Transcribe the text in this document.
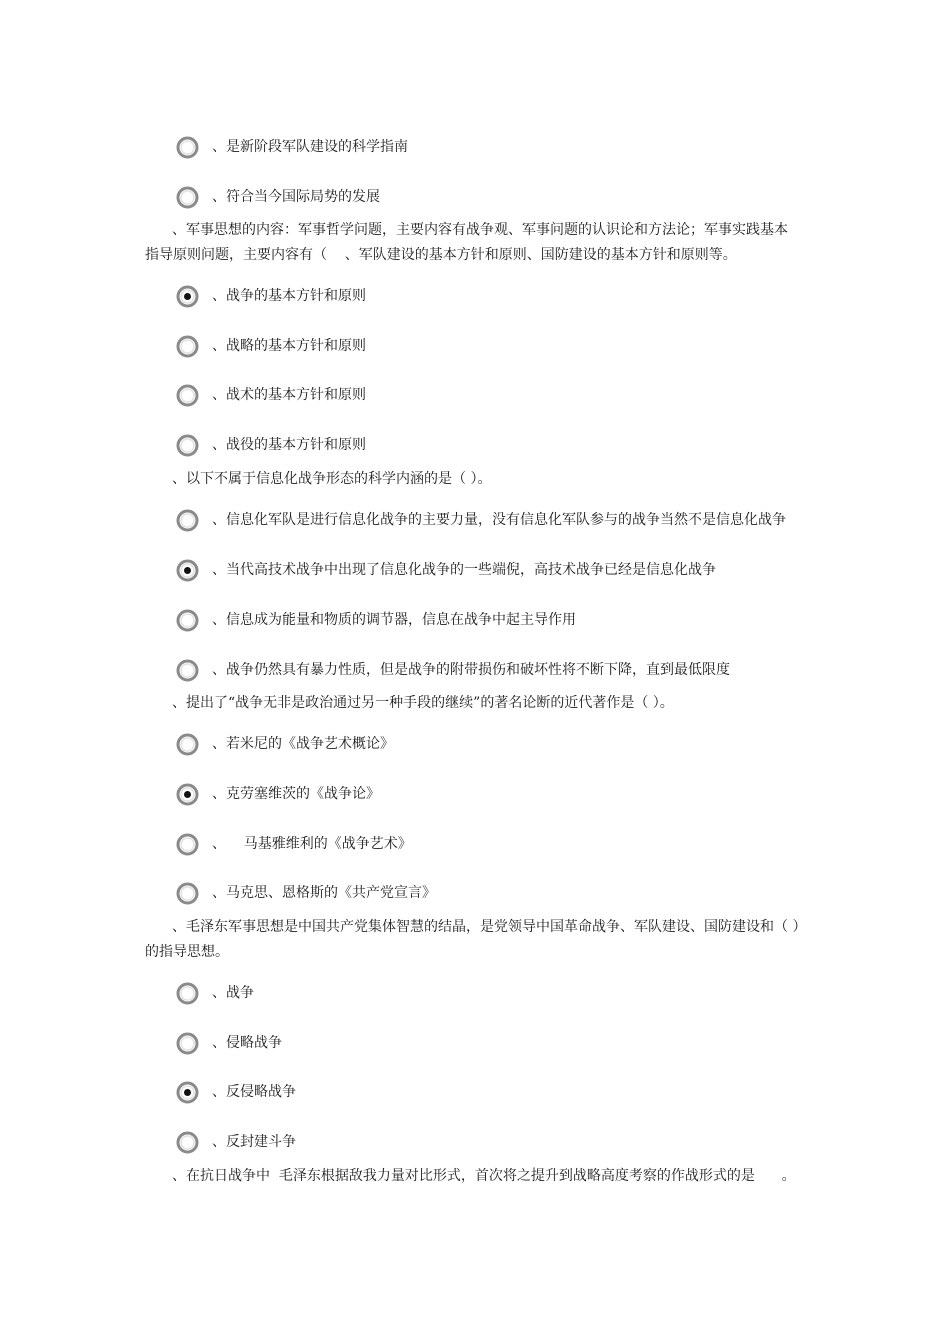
、是新阶段军队建设的科学指南
、符合当今国际局势的发展
、军事思想的内容：军事哲学问题，主要内容有战争观、军事问题的认识论和方法论；军事实践基本
指导原则问题，主要内容有（    、军队建设的基本方针和原则、国防建设的基本方针和原则等。
、战争的基本方针和原则
、战略的基本方针和原则
、战术的基本方针和原则
、战役的基本方针和原则
、以下不属于信息化战争形态的科学内涵的是（ ）。
、信息化军队是进行信息化战争的主要力量，没有信息化军队参与的战争当然不是信息化战争
、当代高技术战争中出现了信息化战争的一些端倪，高技术战争已经是信息化战争
、信息成为能量和物质的调节器，信息在战争中起主导作用
、战争仍然具有暴力性质，但是战争的附带损伤和破坏性将不断下降，直到最低限度
、提出了“战争无非是政治通过另一种手段的继续”的著名论断的近代著作是（ ）。
、若米尼的《战争艺术概论》
、克劳塞维茨的《战争论》
、    马基雅维利的《战争艺术》
、马克思、恩格斯的《共产党宣言》
、毛泽东军事思想是中国共产党集体智慧的结晶，是党领导中国革命战争、军队建设、国防建设和（ ）
的指导思想。
、战争
、侵略战争
、反侵略战争
、反封建斗争
、在抗日战争中  毛泽东根据敌我力量对比形式，首次将之提升到战略高度考察的作战形式的是      。
